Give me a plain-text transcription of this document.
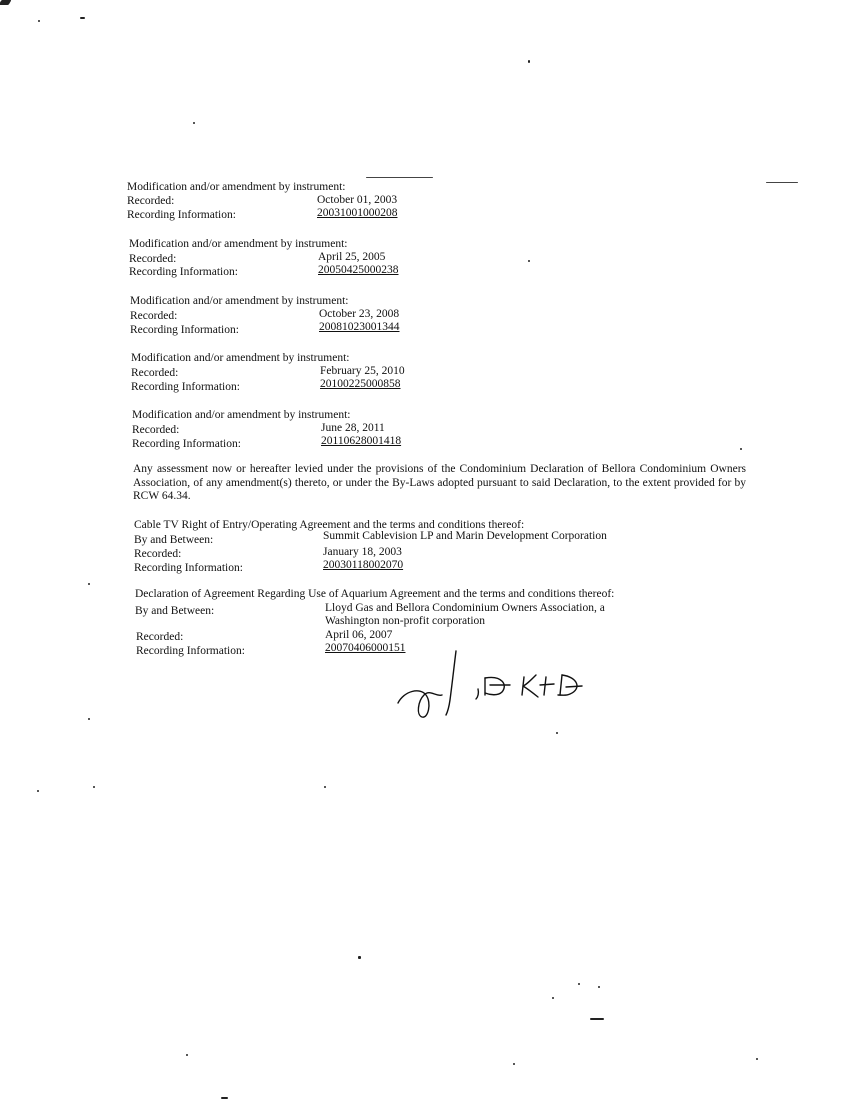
Modification and/or amendment by instrument:
Recorded:	October 01, 2003
Recording Information:	20031001000208
Modification and/or amendment by instrument:
Recorded:	April 25, 2005
Recording Information:	20050425000238
Modification and/or amendment by instrument:
Recorded:	October 23, 2008
Recording Information:	20081023001344
Modification and/or amendment by instrument:
Recorded:	February 25, 2010
Recording Information:	20100225000858
Modification and/or amendment by instrument:
Recorded:	June 28, 2011
Recording Information:	20110628001418
Any assessment now or hereafter levied under the provisions of the Condominium Declaration of Bellora Condominium Owners Association, of any amendment(s) thereto, or under the By-Laws adopted pursuant to said Declaration, to the extent provided for by RCW 64.34.
Cable TV Right of Entry/Operating Agreement and the terms and conditions thereof:
By and Between:	Summit Cablevision LP and Marin Development Corporation
Recorded:	January 18, 2003
Recording Information:	20030118002070
Declaration of Agreement Regarding Use of Aquarium Agreement and the terms and conditions thereof:
By and Between:	Lloyd Gas and Bellora Condominium Owners Association, a
Washington non-profit corporation
Recorded:	April 06, 2007
Recording Information:	20070406000151
